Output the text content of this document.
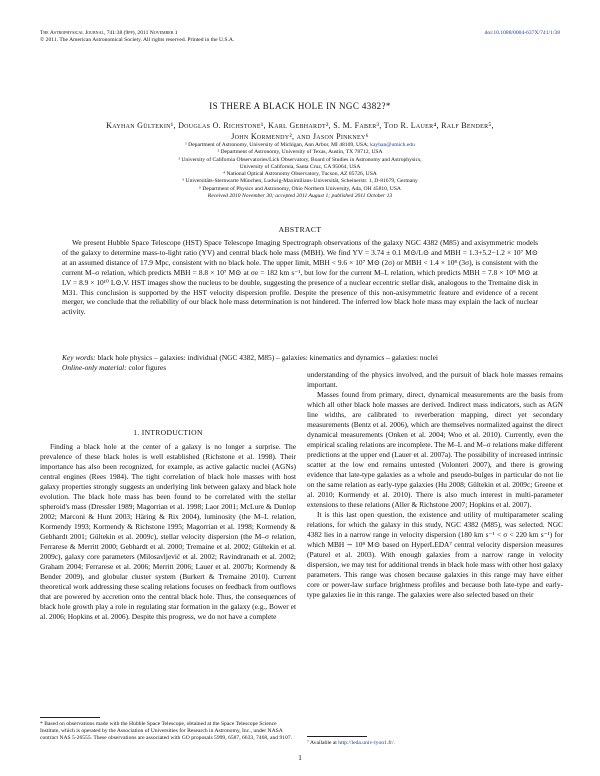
The Astrophysical Journal, 741:38 (9pp), 2011 November 1
© 2011. The American Astronomical Society. All rights reserved. Printed in the U.S.A.
doi:10.1088/0004-637X/741/1/38
IS THERE A BLACK HOLE IN NGC 4382?*
Kayhan Gültekin¹, Douglas O. Richstone¹, Karl Gebhardt², S. M. Faber³, Tod R. Lauer⁴, Ralf Bender⁵,
John Kormendy², and Jason Pinkney⁶
¹ Department of Astronomy, University of Michigan, Ann Arbor, MI 48109, USA; kayhan@umich.edu
² Department of Astronomy, University of Texas, Austin, TX 78712, USA
³ University of California Observatories/Lick Observatory, Board of Studies in Astronomy and Astrophysics,
University of California, Santa Cruz, CA 95064, USA
⁴ National Optical Astronomy Observatory, Tucson, AZ 85726, USA
⁵ Universitäts-Sternwarte München, Ludwig-Maximilians-Universität, Scheinerstr. 1, D-81679, Germany
⁶ Department of Physics and Astronomy, Ohio Northern University, Ada, OH 45810, USA
Received 2010 November 30; accepted 2011 August 1; published 2011 October 13
ABSTRACT

We present Hubble Space Telescope (HST) Space Telescope Imaging Spectrograph observations of the galaxy NGC 4382 (M85) and axisymmetric models of the galaxy to determine mass-to-light ratio (ΥV) and central black hole mass (MBH). We find ΥV = 3.74 ± 0.1 M⊙/L⊙ and MBH = 1.3+5.2−1.2 × 10⁷ M⊙ at an assumed distance of 17.9 Mpc, consistent with no black hole. The upper limit, MBH < 9.6 × 10⁷ M⊙ (2σ) or MBH < 1.4 × 10⁸ (3σ), is consistent with the current M–σ relation, which predicts MBH = 8.8 × 10⁷ M⊙ at σe = 182 km s⁻¹, but low for the current M–L relation, which predicts MBH = 7.8 × 10⁸ M⊙ at LV = 8.9 × 10¹⁰ L⊙,V. HST images show the nucleus to be double, suggesting the presence of a nuclear eccentric stellar disk, analogous to the Tremaine disk in M31. This conclusion is supported by the HST velocity dispersion profile. Despite the presence of this non-axisymmetric feature and evidence of a recent merger, we conclude that the reliability of our black hole mass determination is not hindered. The inferred low black hole mass may explain the lack of nuclear activity.

Key words: black hole physics – galaxies: individual (NGC 4382, M85) – galaxies: kinematics and dynamics – galaxies: nuclei

Online-only material: color figures

1. INTRODUCTION

Finding a black hole at the center of a galaxy is no longer a surprise. The prevalence of these black holes is well established (Richstone et al. 1998). Their importance has also been recognized, for example, as active galactic nuclei (AGNs) central engines (Rees 1984). The tight correlation of black hole masses with host galaxy properties strongly suggests an underlying link between galaxy and black hole evolution. The black hole mass has been found to be correlated with the stellar spheroid's mass (Dressler 1989; Magorrian et al. 1998; Laor 2001; McLure & Dunlop 2002; Marconi & Hunt 2003; Häring & Rix 2004), luminosity (the M–L relation, Kormendy 1993; Kormendy & Richstone 1995; Magorrian et al. 1998; Kormendy & Gebhardt 2001; Gültekin et al. 2009c), stellar velocity dispersion (the M–σ relation, Ferrarese & Merritt 2000; Gebhardt et al. 2000; Tremaine et al. 2002; Gültekin et al. 2009c), galaxy core parameters (Milosavljević et al. 2002; Ravindranath et al. 2002; Graham 2004; Ferrarese et al. 2006; Merritt 2006; Lauer et al. 2007b; Kormendy & Bender 2009), and globular cluster system (Burkert & Tremaine 2010). Current theoretical work addressing these scaling relations focuses on feedback from outflows that are powered by accretion onto the central black hole. Thus, the consequences of black hole growth play a role in regulating star formation in the galaxy (e.g., Bower et al. 2006; Hopkins et al. 2006). Despite this progress, we do not have a complete

understanding of the physics involved, and the pursuit of black hole masses remains important.

Masses found from primary, direct, dynamical measurements are the basis from which all other black hole masses are derived. Indirect mass indicators, such as AGN line widths, are calibrated to reverberation mapping, direct yet secondary measurements (Bentz et al. 2006), which are themselves normalized against the direct dynamical measurements (Onken et al. 2004; Woo et al. 2010). Currently, even the empirical scaling relations are incomplete. The M–L and M–σ relations make different predictions at the upper end (Lauer et al. 2007a). The possibility of increased intrinsic scatter at the low end remains untested (Volonteri 2007), and there is growing evidence that late-type galaxies as a whole and pseudo-bulges in particular do not lie on the same relation as early-type galaxies (Hu 2008; Gültekin et al. 2009c; Greene et al. 2010; Kormendy et al. 2010). There is also much interest in multi-parameter extensions to these relations (Aller & Richstone 2007; Hopkins et al. 2007).

It is this last open question, the existence and utility of multiparameter scaling relations, for which the galaxy in this study, NGC 4382 (M85), was selected. NGC 4382 lies in a narrow range in velocity dispersion (180 km s⁻¹ < σ < 220 km s⁻¹) for which MBH ∼ 10⁸ M⊙ based on HyperLEDA⁷ central velocity dispersion measures (Paturel et al. 2003). With enough galaxies from a narrow range in velocity dispersion, we may test for additional trends in black hole mass with other host galaxy parameters. This range was chosen because galaxies in this range may have either core or power-law surface brightness profiles and because both late-type and early-type galaxies lie in this range. The galaxies were also selected based on their

* Based on observations made with the Hubble Space Telescope, obtained at the Space Telescope Science Institute, which is operated by the Association of Universities for Research in Astronomy, Inc., under NASA contract NAS 5-26555. These observations are associated with GO proposals 5999, 6587, 6633, 7468, and 9107.
⁷ Available at http://leda.univ-lyon1.fr/.
1
